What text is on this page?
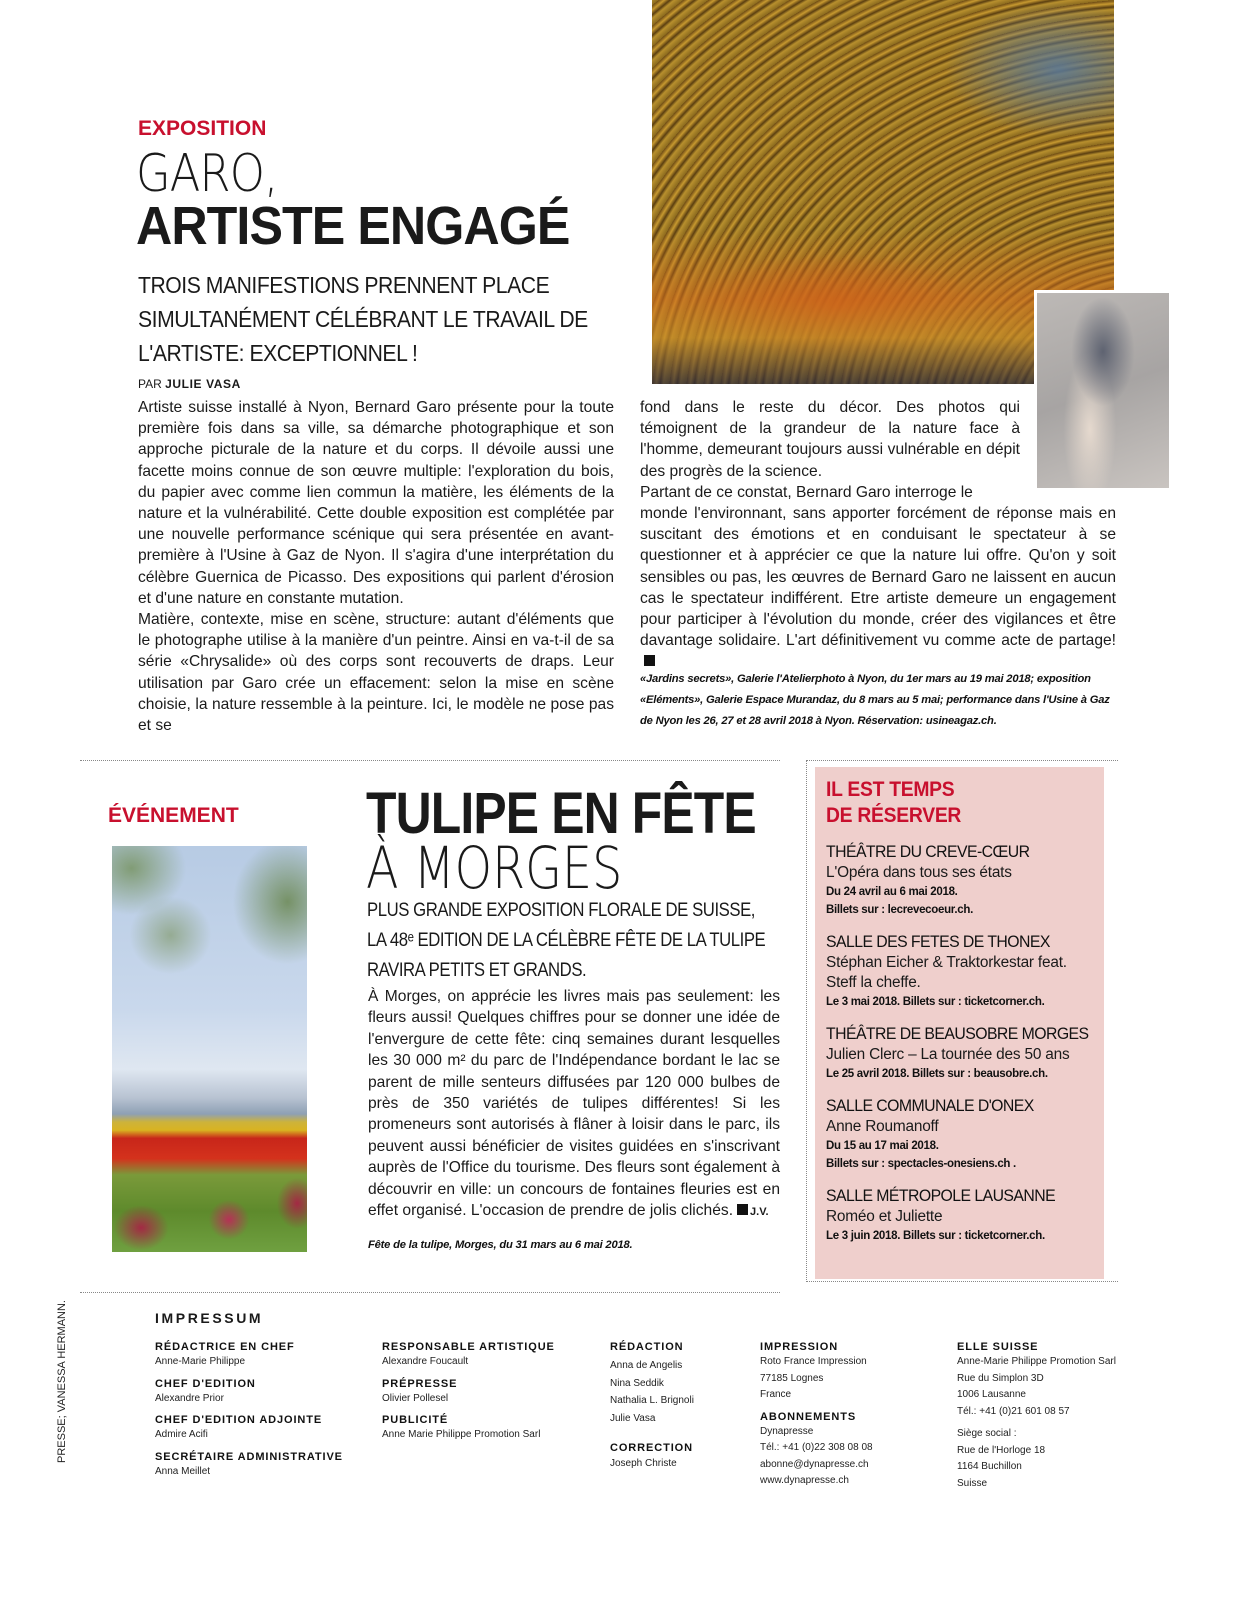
EXPOSITION
GARO,
ARTISTE ENGAGÉ
TROIS MANIFESTIONS PRENNENT PLACE
SIMULTANÉMENT CÉLÉBRANT LE TRAVAIL DE
L'ARTISTE: EXCEPTIONNEL !
PAR JULIE VASA

Artiste suisse installé à Nyon, Bernard Garo présente pour la toute première fois dans sa ville, sa démarche photographique et son approche picturale de la nature et du corps. Il dévoile aussi une facette moins connue de son œuvre multiple: l'exploration du bois, du papier avec comme lien commun la matière, les éléments de la nature et la vulnérabilité. Cette double exposition est complétée par une nouvelle performance scénique qui sera présentée en avant-première à l'Usine à Gaz de Nyon. Il s'agira d'une interprétation du célèbre Guernica de Picasso. Des expositions qui parlent d'érosion et d'une nature en constante mutation.

Matière, contexte, mise en scène, structure: autant d'éléments que le photographe utilise à la manière d'un peintre. Ainsi en va-t-il de sa série «Chrysalide» où des corps sont recouverts de draps. Leur utilisation par Garo crée un effacement: selon la mise en scène choisie, la nature ressemble à la peinture. Ici, le modèle ne pose pas et se

fond dans le reste du décor. Des photos qui témoignent de la grandeur de la nature face à l'homme, demeurant toujours aussi vulnérable en dépit des progrès de la science.

Partant de ce constat, Bernard Garo interroge le

monde l'environnant, sans apporter forcément de réponse mais en suscitant des émotions et en conduisant le spectateur à se questionner et à apprécier ce que la nature lui offre. Qu'on y soit sensibles ou pas, les œuvres de Bernard Garo ne laissent en aucun cas le spectateur indifférent. Etre artiste demeure un engagement pour participer à l'évolution du monde, créer des vigilances et être davantage solidaire. L'art définitivement vu comme acte de partage!

«Jardins secrets», Galerie l'Atelierphoto à Nyon, du 1er mars au 19 mai 2018; exposition «Eléments», Galerie Espace Murandaz, du 8 mars au 5 mai; performance dans l'Usine à Gaz de Nyon les 26, 27 et 28 avril 2018 à Nyon. Réservation: usineagaz.ch.
ÉVÉNEMENT TULIPE EN FÊTE
À MORGES
PLUS GRANDE EXPOSITION FLORALE DE SUISSE,
LA 48ᵉ EDITION DE LA CÉLÈBRE FÊTE DE LA TULIPE
RAVIRA PETITS ET GRANDS.
À Morges, on apprécie les livres mais pas seulement: les fleurs aussi! Quelques chiffres pour se donner une idée de l'envergure de cette fête: cinq semaines durant lesquelles les 30 000 m² du parc de l'Indépendance bordant le lac se parent de mille senteurs diffusées par 120 000 bulbes de près de 350 variétés de tulipes différentes! Si les promeneurs sont autorisés à flâner à loisir dans le parc, ils peuvent aussi bénéficier de visites guidées en s'inscrivant auprès de l'Office du tourisme. Des fleurs sont également à découvrir en ville: un concours de fontaines fleuries est en effet organisé. L'occasion de prendre de jolis clichés. J.V.
Fête de la tulipe, Morges, du 31 mars au 6 mai 2018.
IL EST TEMPS
DE RÉSERVER
THÉÂTRE DU CREVE-CŒUR
L'Opéra dans tous ses états
Du 24 avril au 6 mai 2018.
Billets sur : lecrevecoeur.ch.
SALLE DES FETES DE THONEX
Stéphan Eicher & Traktorkestar feat. Steff la cheffe.
Le 3 mai 2018. Billets sur : ticketcorner.ch.
THÉÂTRE DE BEAUSOBRE MORGES
Julien Clerc – La tournée des 50 ans
Le 25 avril 2018. Billets sur : beausobre.ch.
SALLE COMMUNALE D'ONEX
Anne Roumanoff
Du 15 au 17 mai 2018.
Billets sur : spectacles-onesiens.ch .
SALLE MÉTROPOLE LAUSANNE
Roméo et Juliette
Le 3 juin 2018. Billets sur : ticketcorner.ch.
PRESSE; VANESSA HERMANN.	IMPRESSUM
RÉDACTRICE EN CHEF
Anne-Marie Philippe
CHEF D'EDITION
Alexandre Prior
CHEF D'EDITION ADJOINTE
Admire Acifi
SECRÉTAIRE ADMINISTRATIVE
Anna Meillet
RESPONSABLE ARTISTIQUE
Alexandre Foucault
PRÉPRESSE
Olivier Pollesel
PUBLICITÉ
Anne Marie Philippe Promotion Sarl
RÉDACTION
Anna de Angelis
Nina Seddik
Nathalia L. Brignoli
Julie Vasa
CORRECTION
Joseph Christe
IMPRESSION
Roto France Impression
77185 Lognes
France
ABONNEMENTS
Dynapresse
Tél.: +41 (0)22 308 08 08
abonne@dynapresse.ch
www.dynapresse.ch
ELLE SUISSE
Anne-Marie Philippe Promotion Sarl
Rue du Simplon 3D
1006 Lausanne
Tél.: +41 (0)21 601 08 57
Siège social :
Rue de l'Horloge 18
1164 Buchillon
Suisse
